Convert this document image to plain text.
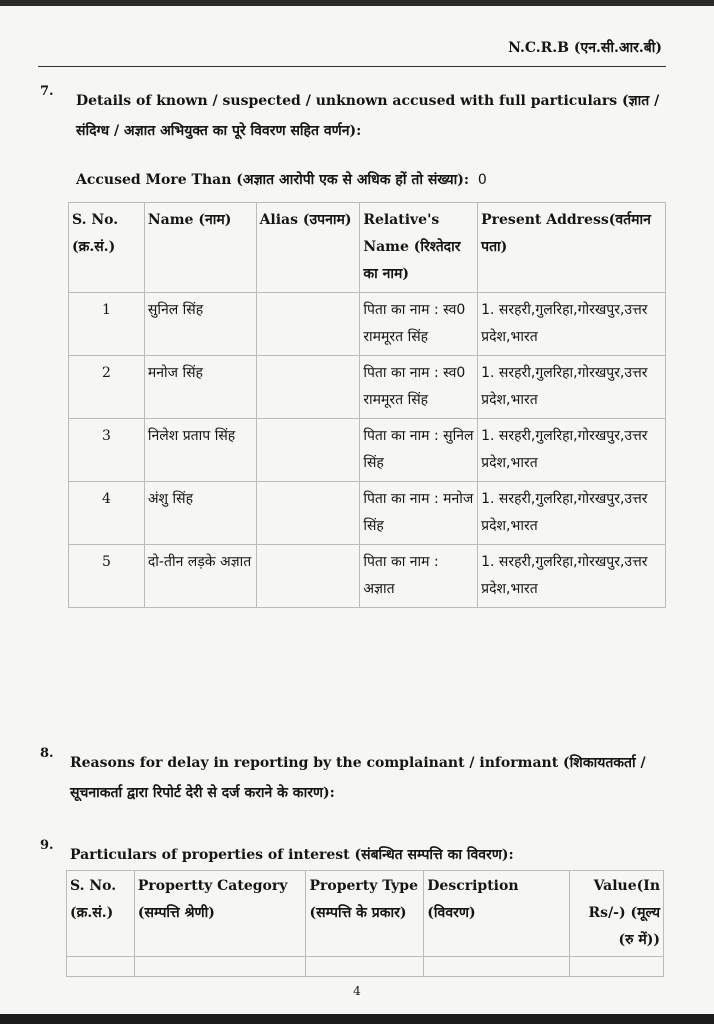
N.C.R.B (एन.सी.आर.बी)
7.
Details of known / suspected / unknown accused with full particulars (ज्ञात /
संदिग्ध / अज्ञात अभियुक्त का पूरे विवरण सहित वर्णन):
Accused More Than (अज्ञात आरोपी एक से अधिक हों तो संख्या): 0
S. No. (क्र.सं.)	Name (नाम)	Alias (उपनाम)	Relative's Name (रिश्तेदार का नाम)	Present Address(वर्तमान पता)
1	सुनिल सिंह		पिता का नाम : स्व0 राममूरत सिंह	1. सरहरी,गुलरिहा,गोरखपुर,उत्तर प्रदेश,भारत
2	मनोज सिंह		पिता का नाम : स्व0 राममूरत सिंह	1. सरहरी,गुलरिहा,गोरखपुर,उत्तर प्रदेश,भारत
3	निलेश प्रताप सिंह		पिता का नाम : सुनिल सिंह	1. सरहरी,गुलरिहा,गोरखपुर,उत्तर प्रदेश,भारत
4	अंशु सिंह		पिता का नाम : मनोज सिंह	1. सरहरी,गुलरिहा,गोरखपुर,उत्तर प्रदेश,भारत
5	दो-तीन लड़के अज्ञात		पिता का नाम : अज्ञात	1. सरहरी,गुलरिहा,गोरखपुर,उत्तर प्रदेश,भारत
8.
Reasons for delay in reporting by the complainant / informant (शिकायतकर्ता /
सूचनाकर्ता द्वारा रिपोर्ट देरी से दर्ज कराने के कारण):
9.
Particulars of properties of interest (संबन्धित सम्पत्ति का विवरण):
S. No. (क्र.सं.)	Propertty Category (सम्पत्ति श्रेणी)	Property Type (सम्पत्ति के प्रकार)	Description (विवरण)	Value(In Rs/-) (मूल्य (रु में))

4
